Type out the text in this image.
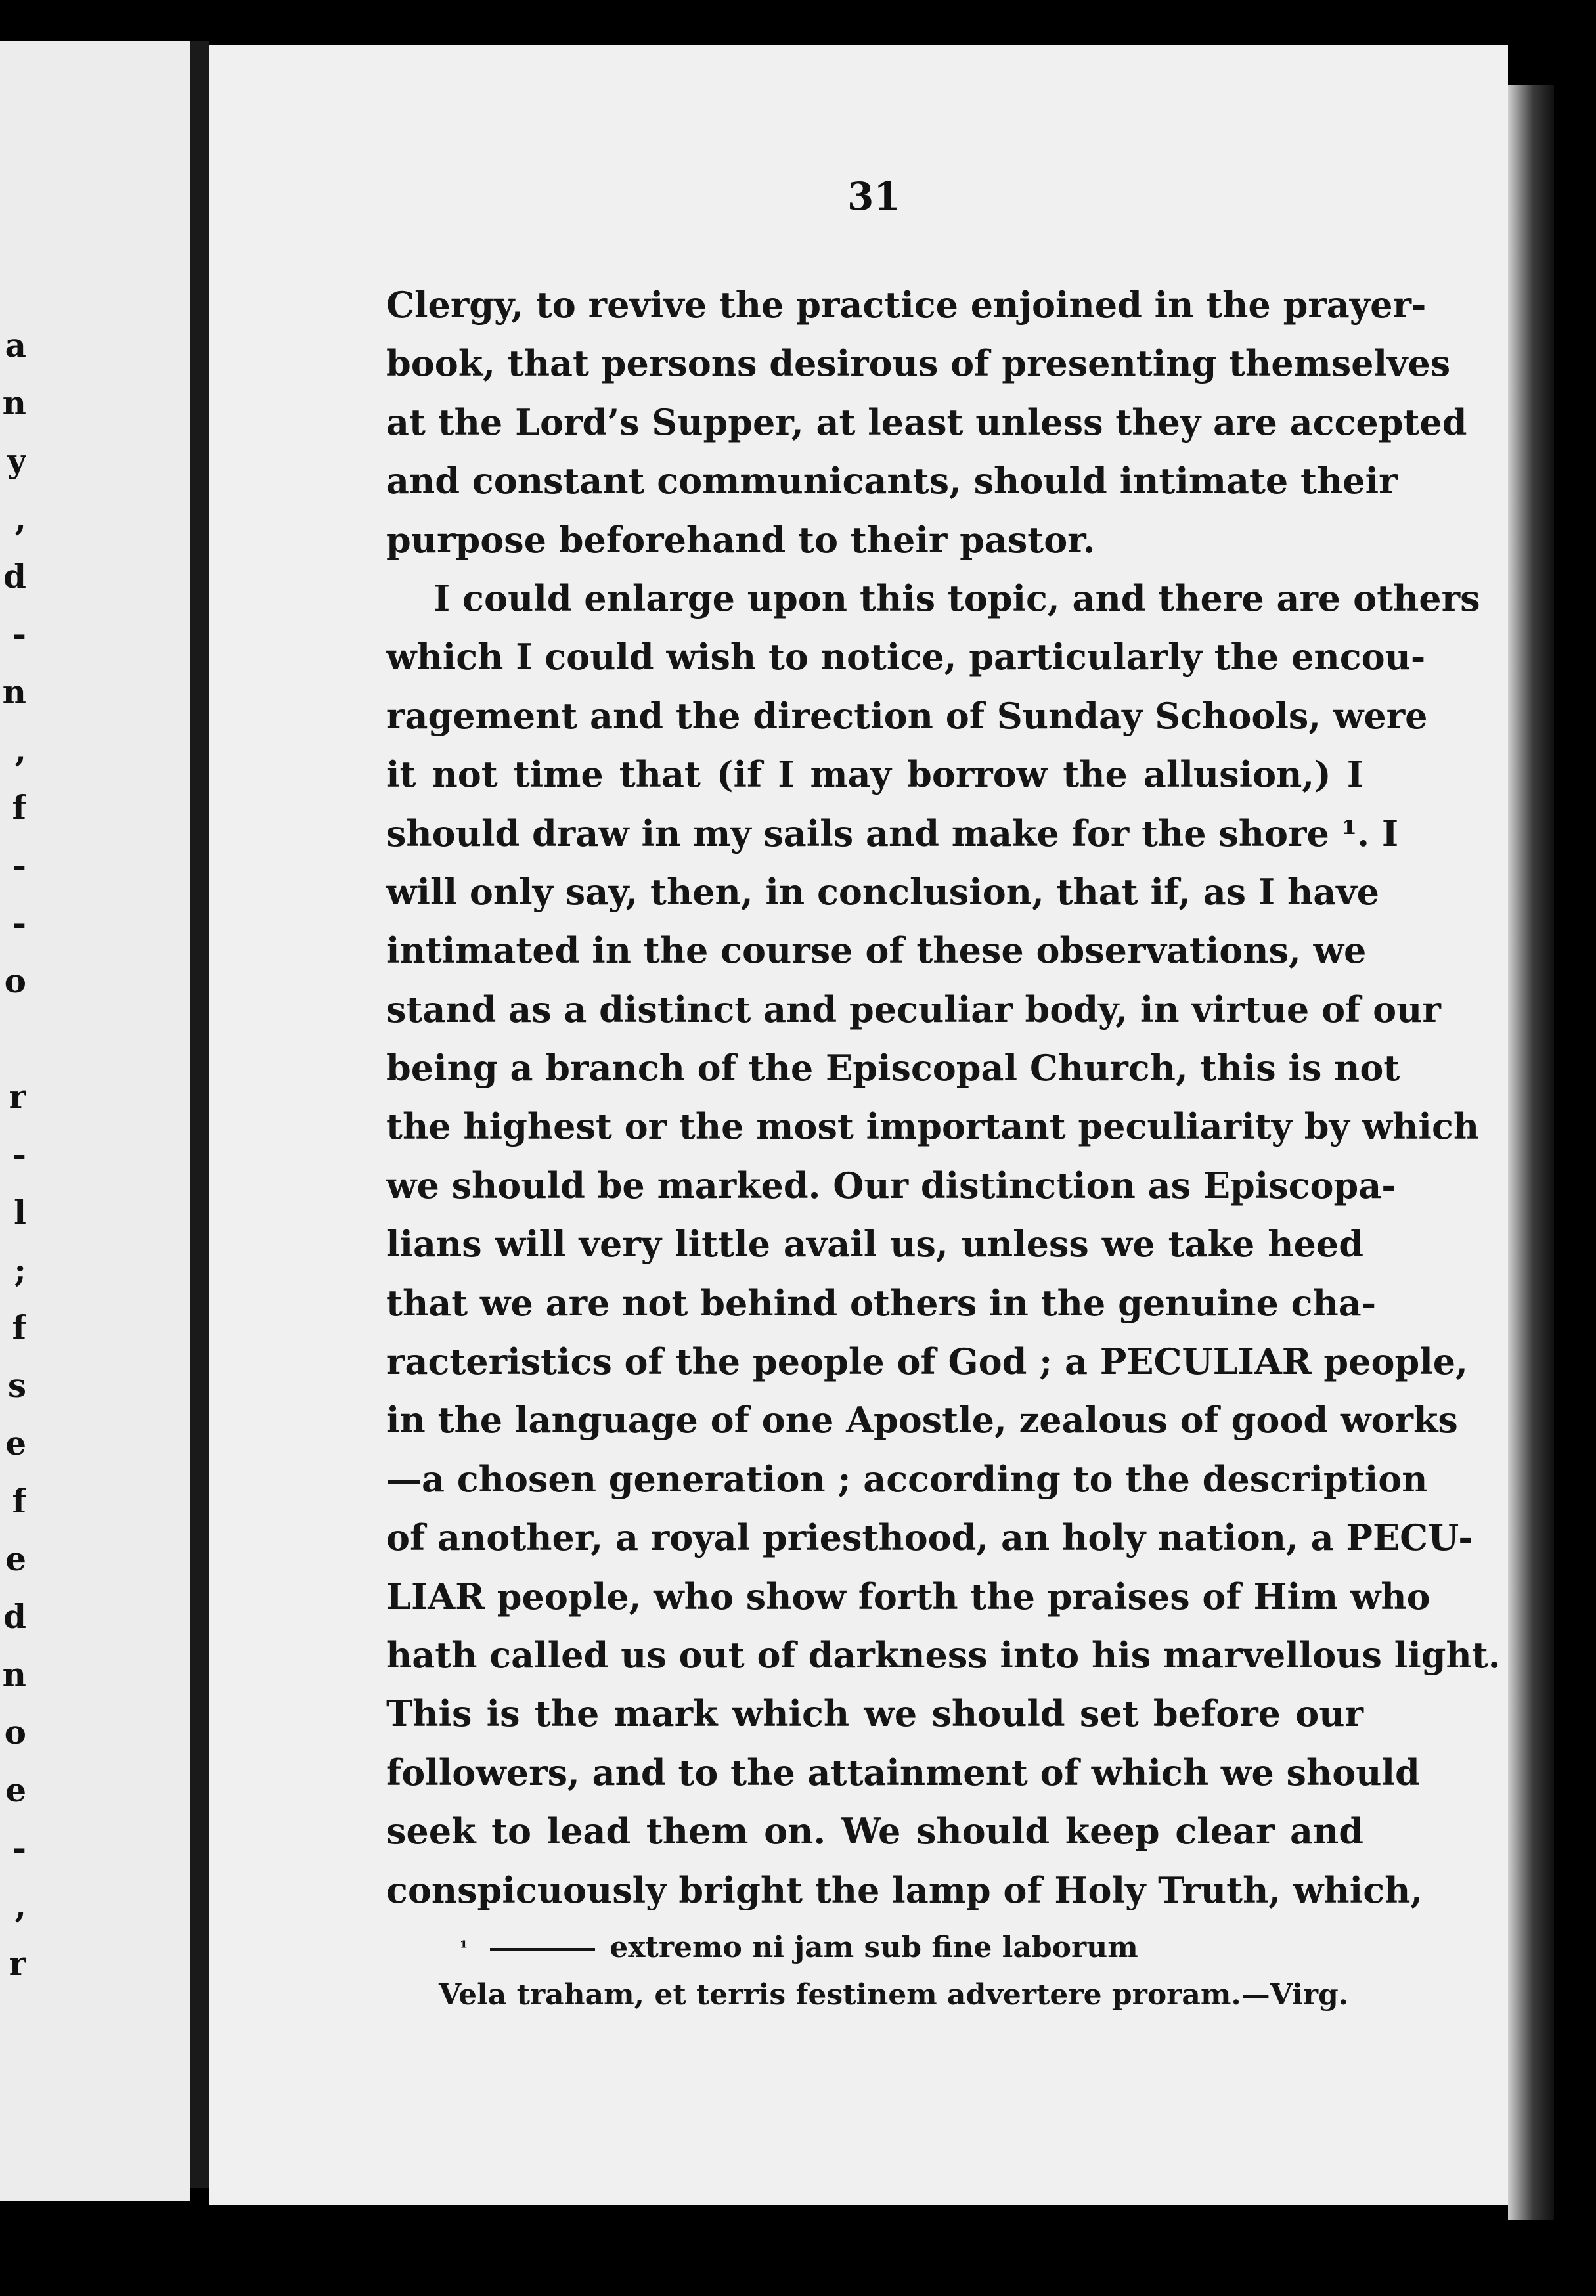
a
n
y
,
d
-
n
,
f
-
-
o
r
-
l
;
f
s
e
f
e
d
n
o
e
-
,
r
31
Clergy, to revive the practice enjoined in the prayer-
book, that persons desirous of presenting themselves
at the Lord’s Supper, at least unless they are accepted
and constant communicants, should intimate their
purpose beforehand to their pastor.
I could enlarge upon this topic, and there are others
which I could wish to notice, particularly the encou-
ragement and the direction of Sunday Schools, were
it not time that (if I may borrow the allusion,) I
should draw in my sails and make for the shore ¹. I
will only say, then, in conclusion, that if, as I have
intimated in the course of these observations, we
stand as a distinct and peculiar body, in virtue of our
being a branch of the Episcopal Church, this is not
the highest or the most important peculiarity by which
we should be marked. Our distinction as Episcopa-
lians will very little avail us, unless we take heed
that we are not behind others in the genuine cha-
racteristics of the people of God ; a PECULIAR people,
in the language of one Apostle, zealous of good works
—a chosen generation ; according to the description
of another, a royal priesthood, an holy nation, a PECU-
LIAR people, who show forth the praises of Him who
hath called us out of darkness into his marvellous light.
This is the mark which we should set before our
followers, and to the attainment of which we should
seek to lead them on. We should keep clear and
conspicuously bright the lamp of Holy Truth, which,
$^{^1}$	extremo ni jam sub fine laborum
Vela traham, et terris festinem advertere proram.—Virg.
